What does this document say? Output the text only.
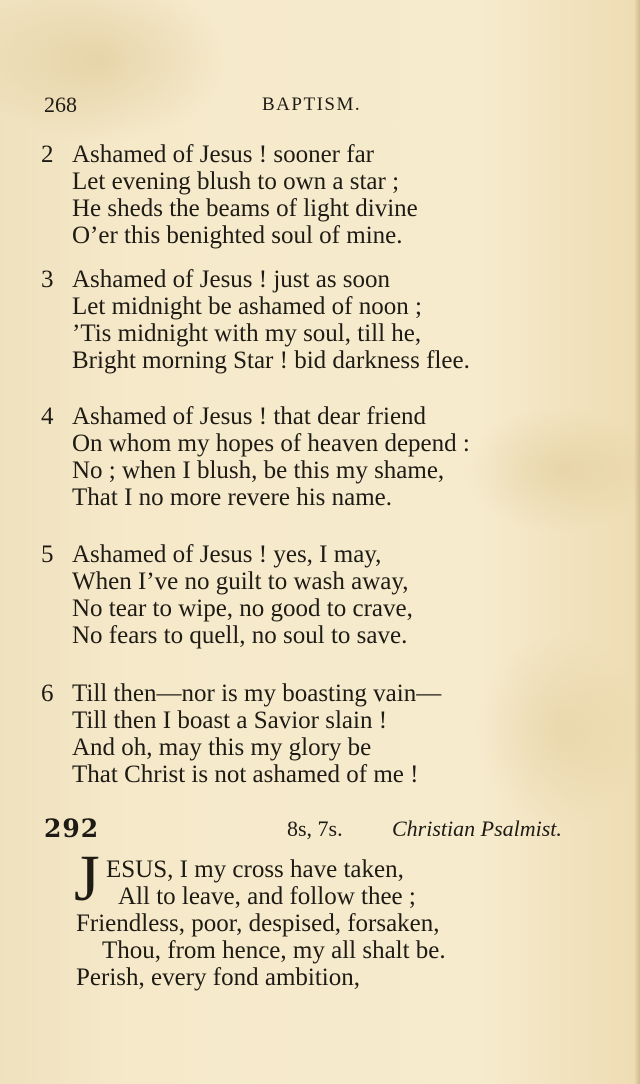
268	BAPTISM.
2 Ashamed of Jesus ! sooner far
Let evening blush to own a star ;
He sheds the beams of light divine
O’er this benighted soul of mine.
3 Ashamed of Jesus ! just as soon
Let midnight be ashamed of noon ;
’Tis midnight with my soul, till he,
Bright morning Star ! bid darkness flee.
4 Ashamed of Jesus ! that dear friend
On whom my hopes of heaven depend :
No ; when I blush, be this my shame,
That I no more revere his name.
5 Ashamed of Jesus ! yes, I may,
When I’ve no guilt to wash away,
No tear to wipe, no good to crave,
No fears to quell, no soul to save.
6 Till then—nor is my boasting vain—
Till then I boast a Savior slain !
And oh, may this my glory be
That Christ is not ashamed of me !
292	8s, 7s. Christian Psalmist.
J ESUS, I my cross have taken,
All to leave, and follow thee ;
Friendless, poor, despised, forsaken,
Thou, from hence, my all shalt be.
Perish, every fond ambition,
